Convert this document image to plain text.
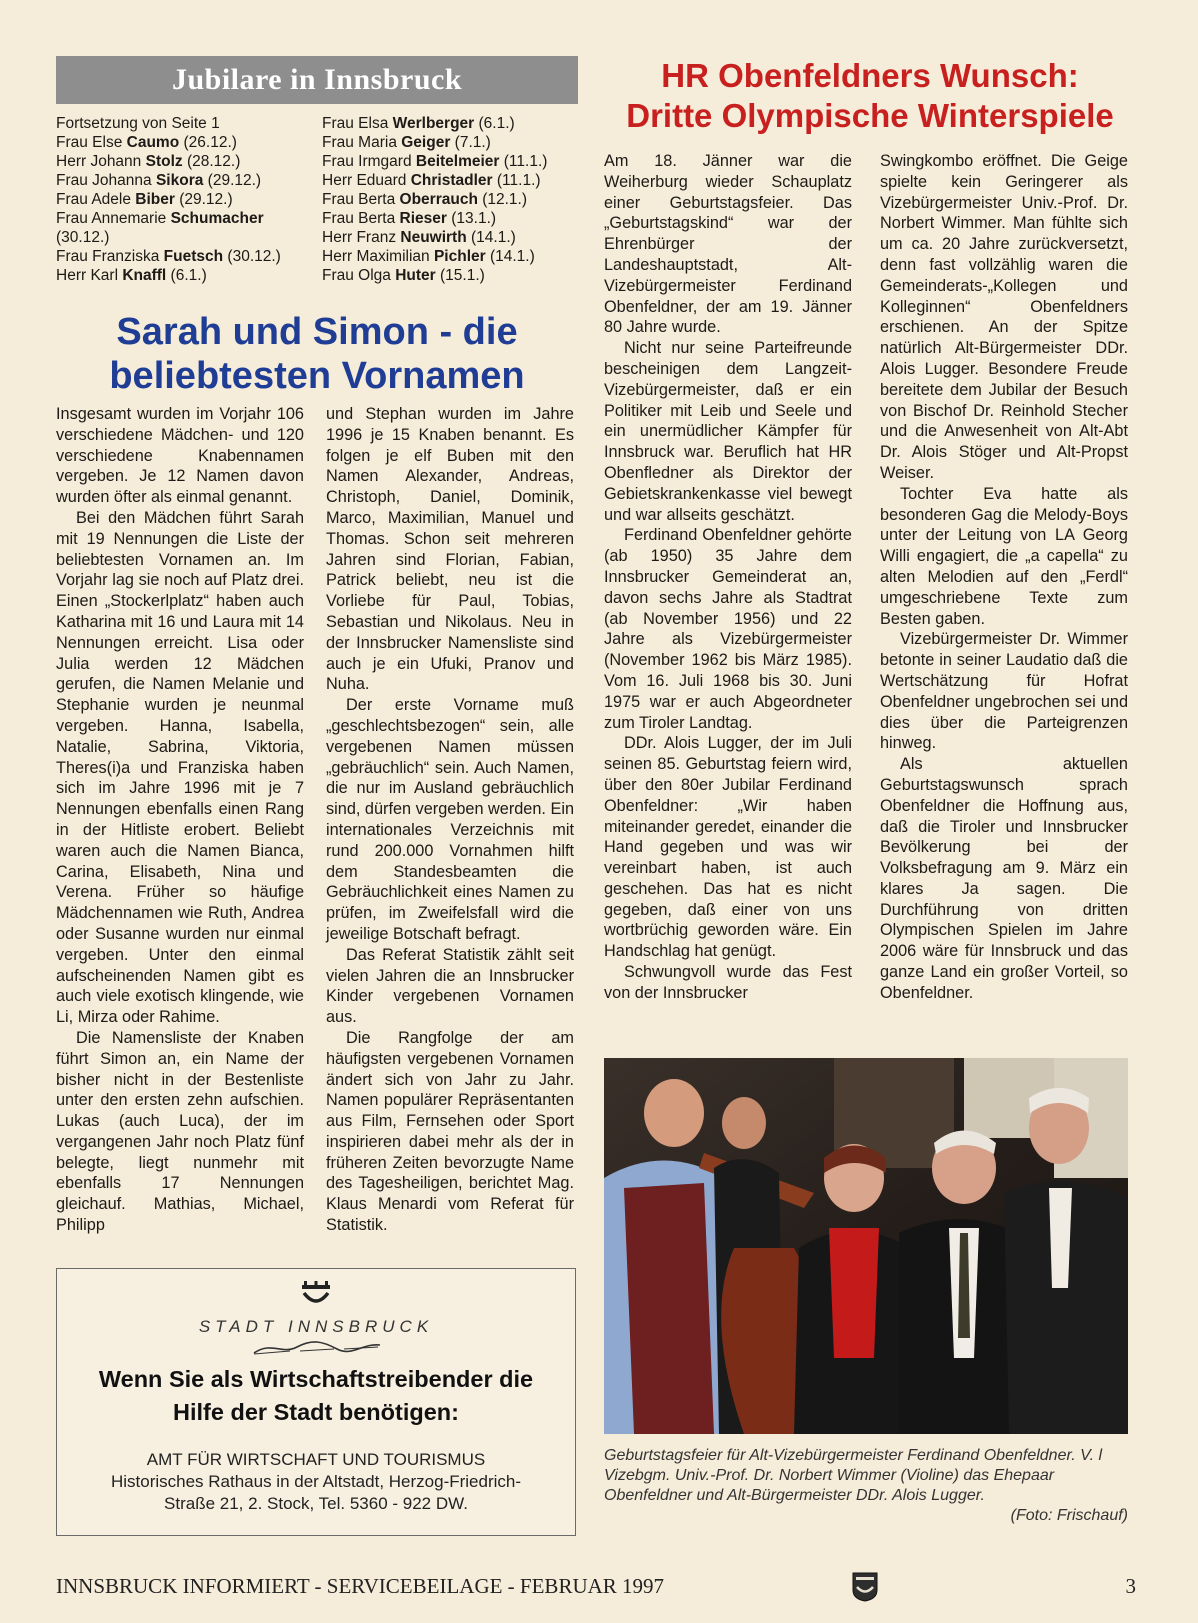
Jubilare in Innsbruck
Fortsetzung von Seite 1
Frau Else Caumo (26.12.)
Herr Johann Stolz (28.12.)
Frau Johanna Sikora (29.12.)
Frau Adele Biber (29.12.)
Frau Annemarie Schumacher
(30.12.)
Frau Franziska Fuetsch (30.12.)
Herr Karl Knaffl (6.1.)
Frau Elsa Werlberger (6.1.)
Frau Maria Geiger (7.1.)
Frau Irmgard Beitelmeier (11.1.)
Herr Eduard Christadler (11.1.)
Frau Berta Oberrauch (12.1.)
Frau Berta Rieser (13.1.)
Herr Franz Neuwirth (14.1.)
Herr Maximilian Pichler (14.1.)
Frau Olga Huter (15.1.)
HR Obenfeldners Wunsch:
Dritte Olympische Winterspiele
Sarah und Simon - die
beliebtesten Vornamen

Insgesamt wurden im Vorjahr 106 verschiedene Mädchen- und 120 verschiedene Knabennamen vergeben. Je 12 Namen davon wurden öfter als einmal genannt.

Bei den Mädchen führt Sarah mit 19 Nennungen die Liste der beliebtesten Vornamen an. Im Vorjahr lag sie noch auf Platz drei. Einen „Stockerlplatz“ haben auch Katharina mit 16 und Laura mit 14 Nennungen erreicht. Lisa oder Julia werden 12 Mädchen gerufen, die Namen Melanie und Stephanie wurden je neunmal vergeben. Hanna, Isabella, Natalie, Sabrina, Viktoria, Theres(i)a und Franziska haben sich im Jahre 1996 mit je 7 Nennungen ebenfalls einen Rang in der Hitliste erobert. Beliebt waren auch die Namen Bianca, Carina, Elisabeth, Nina und Verena. Früher so häufige Mädchennamen wie Ruth, Andrea oder Susanne wurden nur einmal vergeben. Unter den einmal aufscheinenden Namen gibt es auch viele exotisch klingende, wie Li, Mirza oder Rahime.

Die Namensliste der Knaben führt Simon an, ein Name der bisher nicht in der Bestenliste unter den ersten zehn aufschien. Lukas (auch Luca), der im vergangenen Jahr noch Platz fünf belegte, liegt nunmehr mit ebenfalls 17 Nennungen gleichauf. Mathias, Michael, Philipp

und Stephan wurden im Jahre 1996 je 15 Knaben benannt. Es folgen je elf Buben mit den Namen Alexander, Andreas, Christoph, Daniel, Dominik, Marco, Maximilian, Manuel und Thomas. Schon seit mehreren Jahren sind Florian, Fabian, Patrick beliebt, neu ist die Vorliebe für Paul, Tobias, Sebastian und Nikolaus. Neu in der Innsbrucker Namensliste sind auch je ein Ufuki, Pranov und Nuha.

Der erste Vorname muß „geschlechtsbezogen“ sein, alle vergebenen Namen müssen „gebräuchlich“ sein. Auch Namen, die nur im Ausland gebräuchlich sind, dürfen vergeben werden. Ein internationales Verzeichnis mit rund 200.000 Vornahmen hilft dem Standesbeamten die Gebräuchlichkeit eines Namen zu prüfen, im Zweifelsfall wird die jeweilige Botschaft befragt.

Das Referat Statistik zählt seit vielen Jahren die an Innsbrucker Kinder vergebenen Vornamen aus.

Die Rangfolge der am häufigsten vergebenen Vornamen ändert sich von Jahr zu Jahr. Namen populärer Repräsentanten aus Film, Fernsehen oder Sport inspirieren dabei mehr als der in früheren Zeiten bevorzugte Name des Tagesheiligen, berichtet Mag. Klaus Menardi vom Referat für Statistik.

Am 18. Jänner war die Weiherburg wieder Schauplatz einer Geburtstagsfeier. Das „Geburtstagskind“ war der Ehrenbürger der Landeshauptstadt, Alt-Vizebürgermeister Ferdinand Obenfeldner, der am 19. Jänner 80 Jahre wurde.

Nicht nur seine Parteifreunde bescheinigen dem Langzeit-Vizebürgermeister, daß er ein Politiker mit Leib und Seele und ein unermüdlicher Kämpfer für Innsbruck war. Beruflich hat HR Obenfledner als Direktor der Gebietskrankenkasse viel bewegt und war allseits geschätzt.

Ferdinand Obenfeldner gehörte (ab 1950) 35 Jahre dem Innsbrucker Gemeinderat an, davon sechs Jahre als Stadtrat (ab November 1956) und 22 Jahre als Vizebürgermeister (November 1962 bis März 1985). Vom 16. Juli 1968 bis 30. Juni 1975 war er auch Abgeordneter zum Tiroler Landtag.

DDr. Alois Lugger, der im Juli seinen 85. Geburtstag feiern wird, über den 80er Jubilar Ferdinand Obenfeldner: „Wir haben miteinander geredet, einander die Hand gegeben und was wir vereinbart haben, ist auch geschehen. Das hat es nicht gegeben, daß einer von uns wortbrüchig geworden wäre. Ein Handschlag hat genügt.

Schwungvoll wurde das Fest von der Innsbrucker

Swingkombo eröffnet. Die Geige spielte kein Geringerer als Vizebürgermeister Univ.-Prof. Dr. Norbert Wimmer. Man fühlte sich um ca. 20 Jahre zurückversetzt, denn fast vollzählig waren die Gemeinderats-„Kollegen und Kolleginnen“ Obenfeldners erschienen. An der Spitze natürlich Alt-Bürgermeister DDr. Alois Lugger. Besondere Freude bereitete dem Jubilar der Besuch von Bischof Dr. Reinhold Stecher und die Anwesenheit von Alt-Abt Dr. Alois Stöger und Alt-Propst Weiser.

Tochter Eva hatte als besonderen Gag die Melody-Boys unter der Leitung von LA Georg Willi engagiert, die „a capella“ zu alten Melodien auf den „Ferdl“ umgeschriebene Texte zum Besten gaben.

Vizebürgermeister Dr. Wimmer betonte in seiner Laudatio daß die Wertschätzung für Hofrat Obenfeldner ungebrochen sei und dies über die Parteigrenzen hinweg.

Als aktuellen Geburtstagswunsch sprach Obenfeldner die Hoffnung aus, daß die Tiroler und Innsbrucker Bevölkerung bei der Volksbefragung am 9. März ein klares Ja sagen. Die Durchführung von dritten Olympischen Spielen im Jahre 2006 wäre für Innsbruck und das ganze Land ein großer Vorteil, so Obenfeldner.

STADT INNSBRUCK
Wenn Sie als Wirtschaftstreibender die
Hilfe der Stadt benötigen:
AMT FÜR WIRTSCHAFT UND TOURISMUS
Historisches Rathaus in der Altstadt, Herzog-Friedrich-
Straße 21, 2. Stock, Tel. 5360 - 922 DW.
Geburtstagsfeier für Alt-Vizebürgermeister Ferdinand Obenfeldner. V. l Vizebgm. Univ.-Prof. Dr. Norbert Wimmer (Violine) das Ehepaar Obenfeldner und Alt-Bürgermeister DDr. Alois Lugger.
(Foto: Frischauf)
INNSBRUCK INFORMIERT - SERVICEBEILAGE - FEBRUAR 1997	3
